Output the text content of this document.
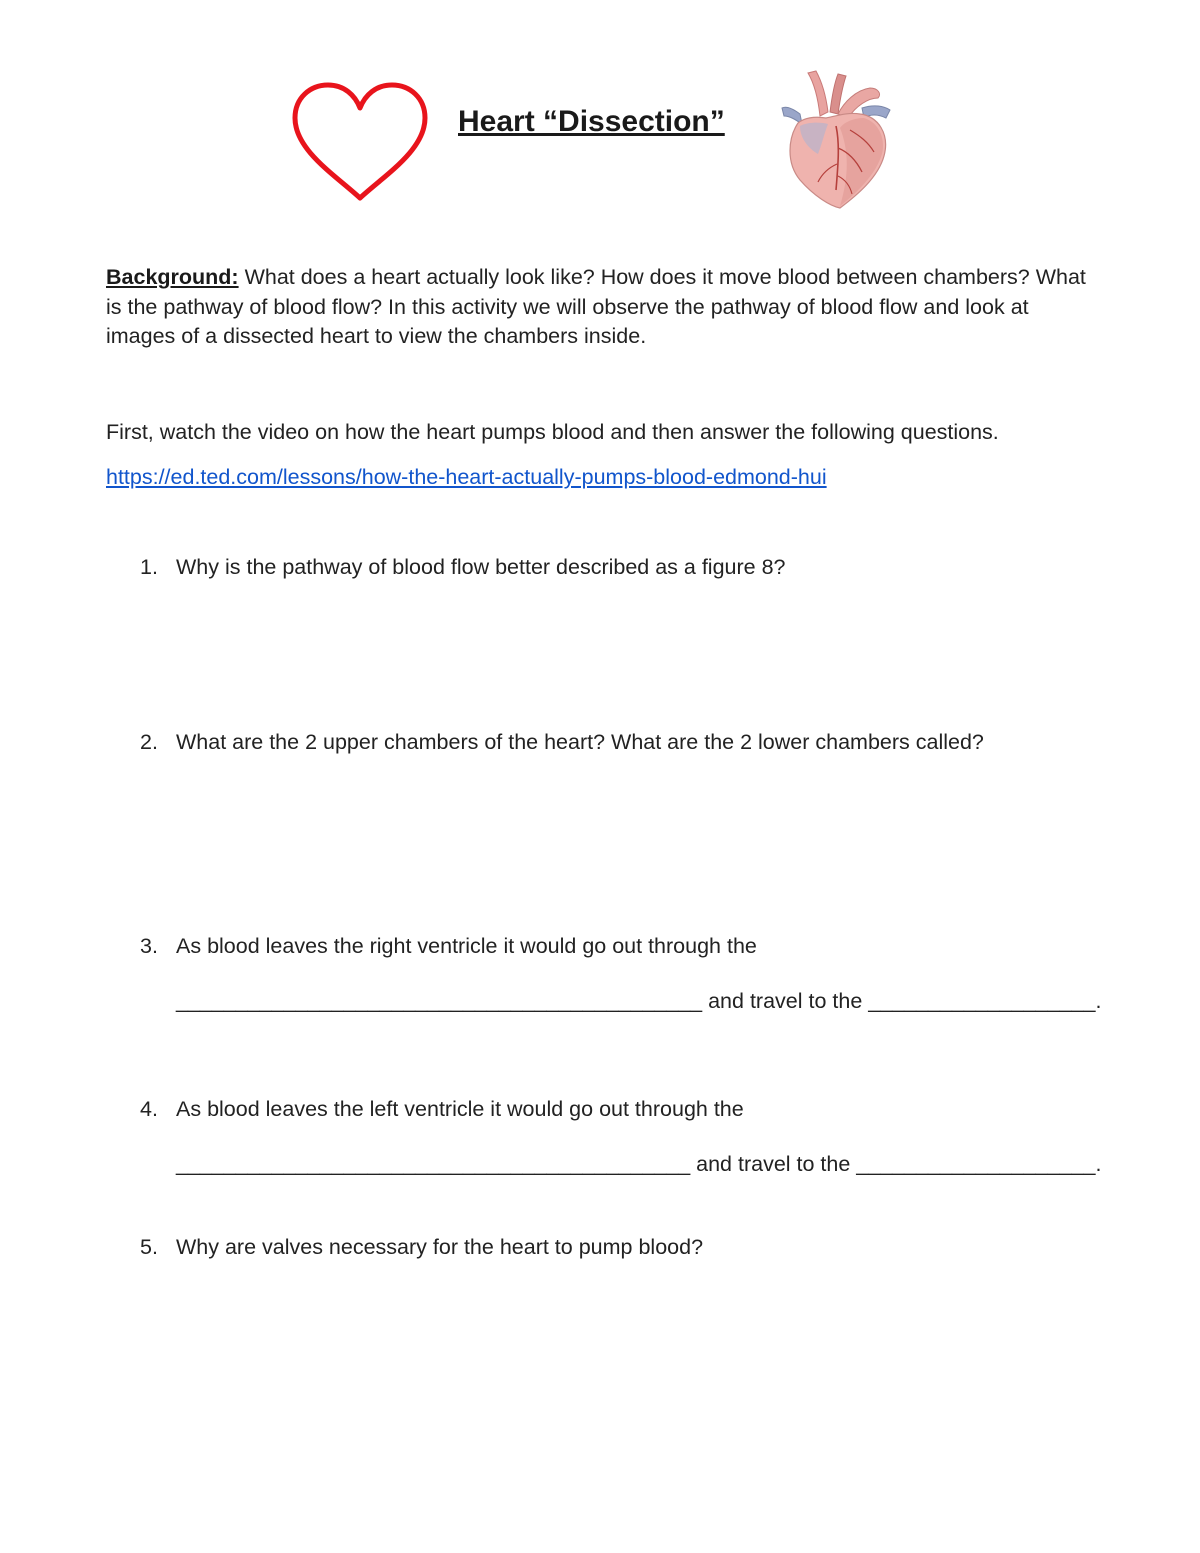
Heart “Dissection”

Background: What does a heart actually look like? How does it move blood between chambers? What is the pathway of blood flow? In this activity we will observe the pathway of blood flow and look at images of a dissected heart to view the chambers inside.

First, watch the video on how the heart pumps blood and then answer the following questions.

https://ed.ted.com/lessons/how-the-heart-actually-pumps-blood-edmond-hui
1. Why is the pathway of blood flow better described as a figure 8?
2. What are the 2 upper chambers of the heart? What are the 2 lower chambers called?
3. As blood leaves the right ventricle it would go out through the
____________________________________________ and travel to the ___________________.
4. As blood leaves the left ventricle it would go out through the
___________________________________________ and travel to the ____________________.
5. Why are valves necessary for the heart to pump blood?
